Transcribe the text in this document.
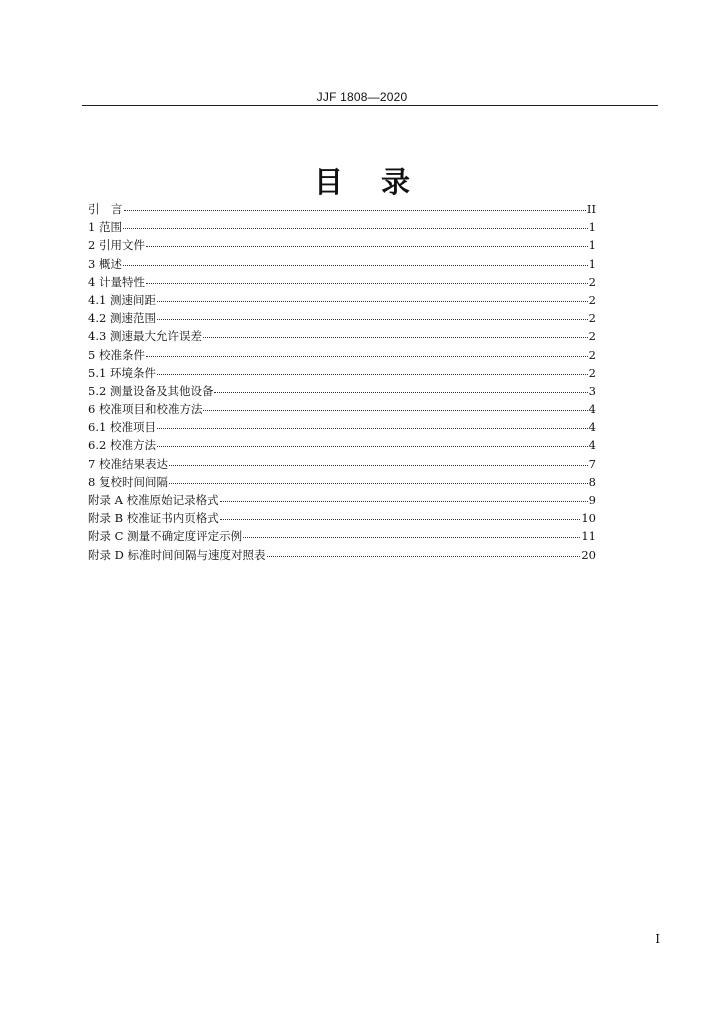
JJF 1808—2020
目 录
引　言	II
1 范围	1
2 引用文件	1
3 概述	1
4 计量特性	2
4.1 测速间距	2
4.2 测速范围	2
4.3 测速最大允许误差	2
5 校准条件	2
5.1 环境条件	2
5.2 测量设备及其他设备	3
6 校准项目和校准方法	4
6.1 校准项目	4
6.2 校准方法	4
7 校准结果表达	7
8 复校时间间隔	8
附录 A 校准原始记录格式	9
附录 B 校准证书内页格式	10
附录 C 测量不确定度评定示例	11
附录 D 标准时间间隔与速度对照表	20
I
